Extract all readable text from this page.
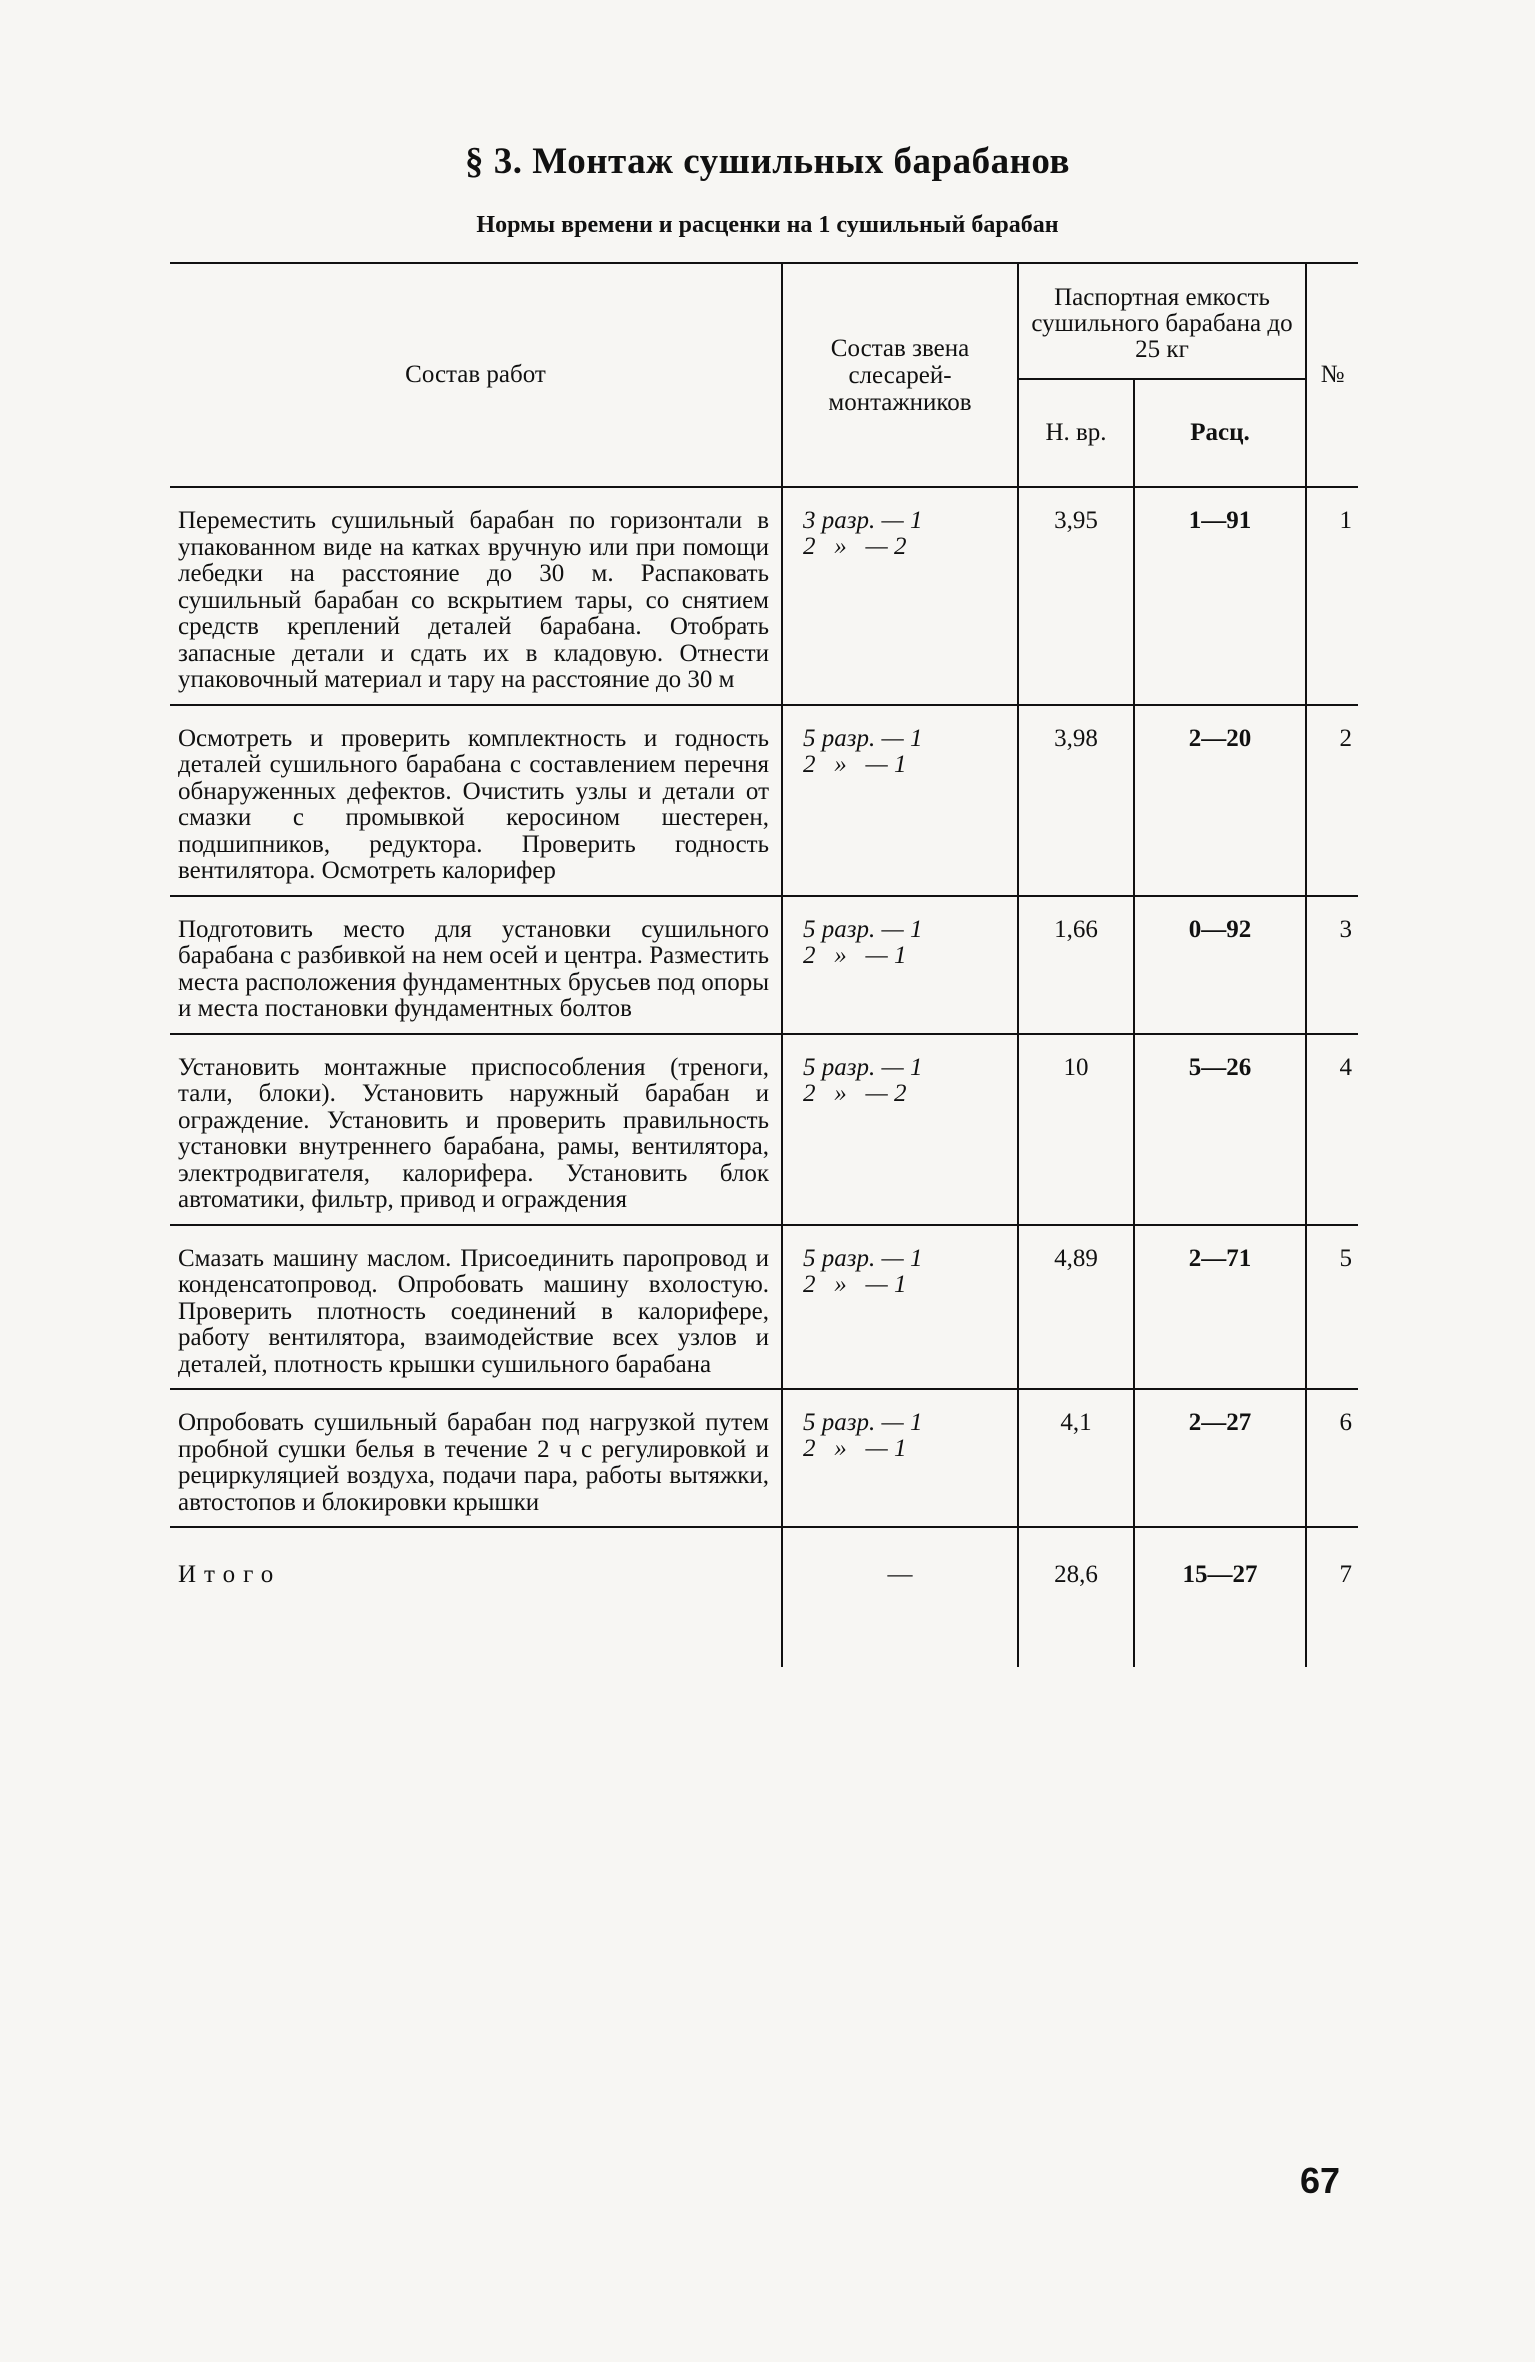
§ 3. Монтаж сушильных барабанов
Нормы времени и расценки на 1 сушильный барабан
Состав работ	Состав звена слесарей-монтажников	Паспортная емкость сушильного барабана до 25 кг		№
		Н. вр.	Расц.	
Переместить сушильный барабан по горизонтали в упакованном виде на катках вручную или при помощи лебедки на расстояние до 30 м. Распаковать сушильный барабан со вскрытием тары, со снятием средств креплений деталей барабана. Отобрать запасные детали и сдать их в кладовую. Отнести упаковочный материал и тару на расстояние до 30 м	3 разр. — 1
2   »   — 2	3,95	1—91	1
Осмотреть и проверить комплектность и годность деталей сушильного барабана с составлением перечня обнаруженных дефектов. Очистить узлы и детали от смазки с промывкой керосином шестерен, подшипников, редуктора. Проверить годность вентилятора. Осмотреть калорифер	5 разр. — 1
2   »   — 1	3,98	2—20	2
Подготовить место для установки сушильного барабана с разбивкой на нем осей и центра. Разместить места расположения фундаментных брусьев под опоры и места постановки фундаментных болтов	5 разр. — 1
2   »   — 1	1,66	0—92	3
Установить монтажные приспособления (треноги, тали, блоки). Установить наружный барабан и ограждение. Установить и проверить правильность установки внутреннего барабана, рамы, вентилятора, электродвигателя, калорифера. Установить блок автоматики, фильтр, привод и ограждения	5 разр. — 1
2   »   — 2	10	5—26	4
Смазать машину маслом. Присоединить паропровод и конденсатопровод. Опробовать машину вхолостую. Проверить плотность соединений в калорифере, работу вентилятора, взаимодействие всех узлов и деталей, плотность крышки сушильного барабана	5 разр. — 1
2   »   — 1	4,89	2—71	5
Опробовать сушильный барабан под нагрузкой путем пробной сушки белья в течение 2 ч с регулировкой и рециркуляцией воздуха, подачи пара, работы вытяжки, автостопов и блокировки крышки	5 разр. — 1
2   »   — 1	4,1	2—27	6
Итого	—	28,6	15—27	7
67
